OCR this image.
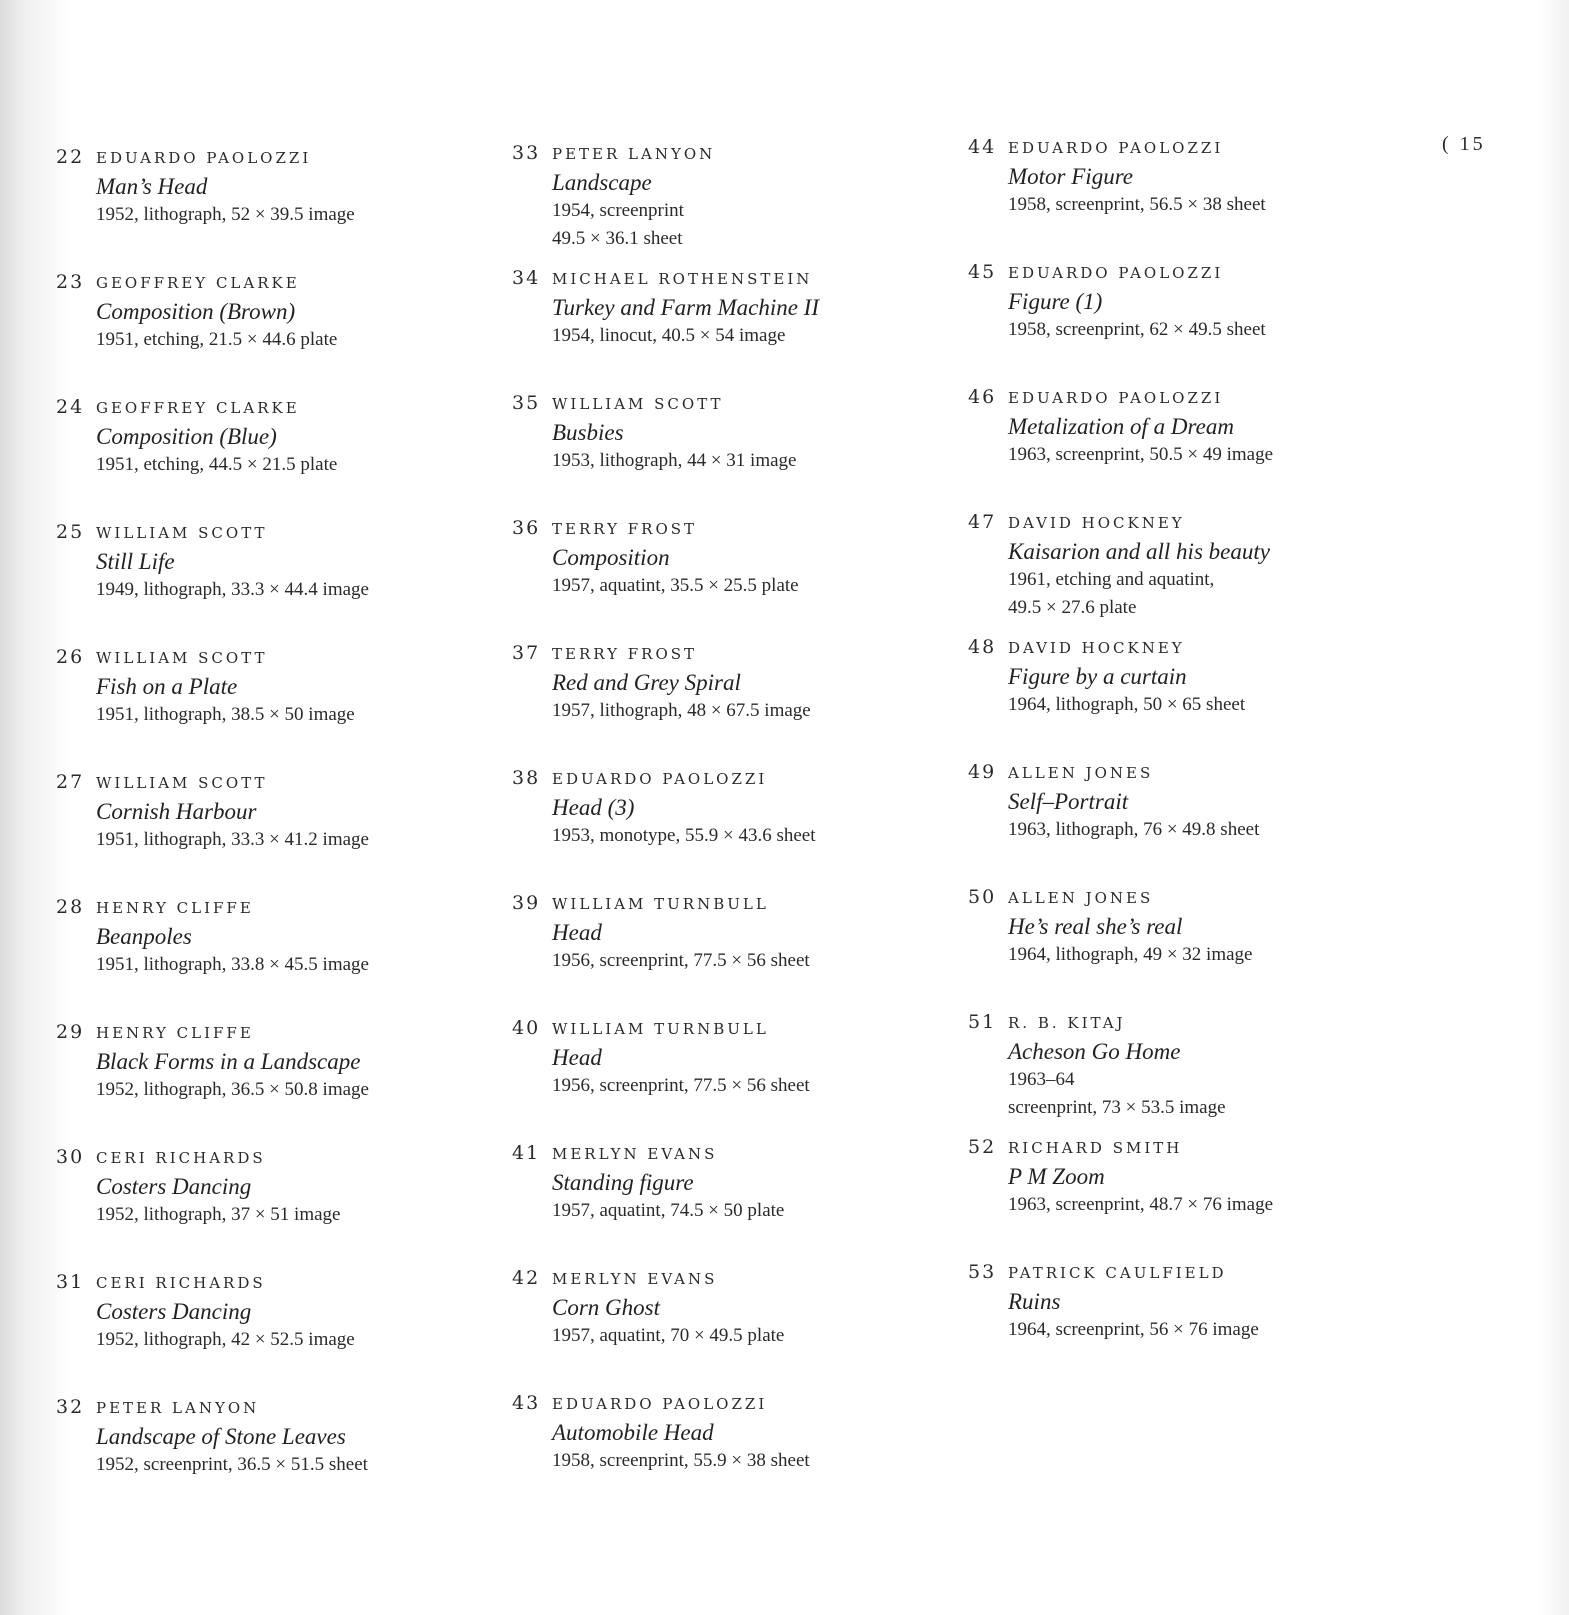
( 15
22 EDUARDO PAOLOZZI
Man’s Head
1952, lithograph, 52 × 39.5 image
23 GEOFFREY CLARKE
Composition (Brown)
1951, etching, 21.5 × 44.6 plate
24 GEOFFREY CLARKE
Composition (Blue)
1951, etching, 44.5 × 21.5 plate
25 WILLIAM SCOTT
Still Life
1949, lithograph, 33.3 × 44.4 image
26 WILLIAM SCOTT
Fish on a Plate
1951, lithograph, 38.5 × 50 image
27 WILLIAM SCOTT
Cornish Harbour
1951, lithograph, 33.3 × 41.2 image
28 HENRY CLIFFE
Beanpoles
1951, lithograph, 33.8 × 45.5 image
29 HENRY CLIFFE
Black Forms in a Landscape
1952, lithograph, 36.5 × 50.8 image
30 CERI RICHARDS
Costers Dancing
1952, lithograph, 37 × 51 image
31 CERI RICHARDS
Costers Dancing
1952, lithograph, 42 × 52.5 image
32 PETER LANYON
Landscape of Stone Leaves
1952, screenprint, 36.5 × 51.5 sheet
33 PETER LANYON
Landscape
1954, screenprint
49.5 × 36.1 sheet
34 MICHAEL ROTHENSTEIN
Turkey and Farm Machine II
1954, linocut, 40.5 × 54 image
35 WILLIAM SCOTT
Busbies
1953, lithograph, 44 × 31 image
36 TERRY FROST
Composition
1957, aquatint, 35.5 × 25.5 plate
37 TERRY FROST
Red and Grey Spiral
1957, lithograph, 48 × 67.5 image
38 EDUARDO PAOLOZZI
Head (3)
1953, monotype, 55.9 × 43.6 sheet
39 WILLIAM TURNBULL
Head
1956, screenprint, 77.5 × 56 sheet
40 WILLIAM TURNBULL
Head
1956, screenprint, 77.5 × 56 sheet
41 MERLYN EVANS
Standing figure
1957, aquatint, 74.5 × 50 plate
42 MERLYN EVANS
Corn Ghost
1957, aquatint, 70 × 49.5 plate
43 EDUARDO PAOLOZZI
Automobile Head
1958, screenprint, 55.9 × 38 sheet
44 EDUARDO PAOLOZZI
Motor Figure
1958, screenprint, 56.5 × 38 sheet
45 EDUARDO PAOLOZZI
Figure (1)
1958, screenprint, 62 × 49.5 sheet
46 EDUARDO PAOLOZZI
Metalization of a Dream
1963, screenprint, 50.5 × 49 image
47 DAVID HOCKNEY
Kaisarion and all his beauty
1961, etching and aquatint,
49.5 × 27.6 plate
48 DAVID HOCKNEY
Figure by a curtain
1964, lithograph, 50 × 65 sheet
49 ALLEN JONES
Self–Portrait
1963, lithograph, 76 × 49.8 sheet
50 ALLEN JONES
He’s real she’s real
1964, lithograph, 49 × 32 image
51 R. B. KITAJ
Acheson Go Home
1963–64
screenprint, 73 × 53.5 image
52 RICHARD SMITH
P M Zoom
1963, screenprint, 48.7 × 76 image
53 PATRICK CAULFIELD
Ruins
1964, screenprint, 56 × 76 image
